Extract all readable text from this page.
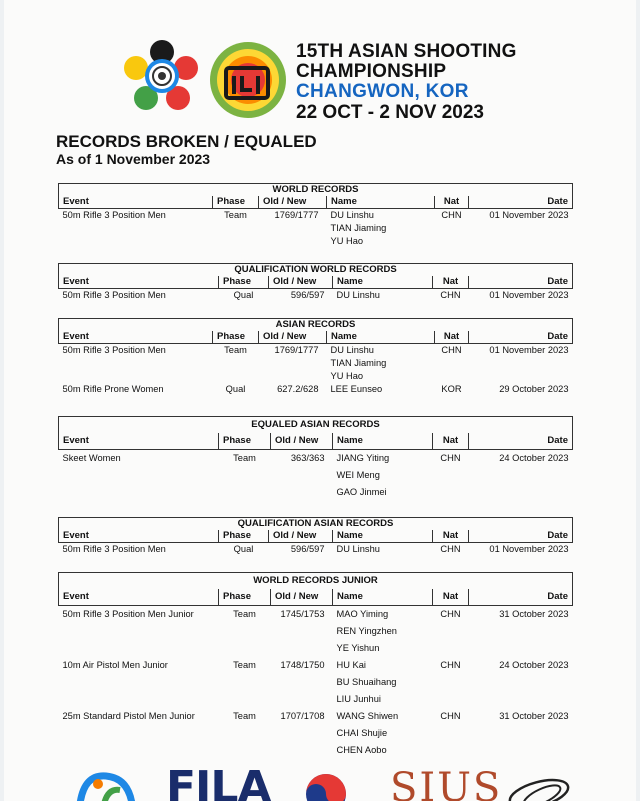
15TH ASIAN SHOOTING
CHAMPIONSHIP
CHANGWON, KOR
22 OCT - 2 NOV 2023
RECORDS BROKEN / EQUALED
As of 1 November 2023
WORLD RECORDS
Event	Phase	Old / New	Name	Nat	Date
50m Rifle 3 Position Men	Team	1769/1777	DU Linshu
TIAN Jiaming
YU Hao	CHN	01 November 2023
QUALIFICATION WORLD RECORDS
Event	Phase	Old / New	Name	Nat	Date
50m Rifle 3 Position Men	Qual	596/597	DU Linshu	CHN	01 November 2023
ASIAN RECORDS
Event	Phase	Old / New	Name	Nat	Date
50m Rifle 3 Position Men	Team	1769/1777	DU Linshu
TIAN Jiaming
YU Hao	CHN	01 November 2023
50m Rifle Prone Women	Qual	627.2/628	LEE Eunseo	KOR	29 October 2023
EQUALED ASIAN RECORDS
Event	Phase	Old / New	Name	Nat	Date
Skeet Women	Team	363/363	JIANG Yiting
WEI Meng
GAO Jinmei	CHN	24 October 2023
QUALIFICATION ASIAN RECORDS
Event	Phase	Old / New	Name	Nat	Date
50m Rifle 3 Position Men	Qual	596/597	DU Linshu	CHN	01 November 2023
WORLD RECORDS JUNIOR
Event	Phase	Old / New	Name	Nat	Date
50m Rifle 3 Position Men Junior	Team	1745/1753	MAO Yiming
REN Yingzhen
YE Yishun	CHN	31 October 2023
10m Air Pistol Men Junior	Team	1748/1750	HU Kai
BU Shuaihang
LIU Junhui	CHN	24 October 2023
25m Standard Pistol Men Junior	Team	1707/1708	WANG Shiwen
CHAI Shujie
CHEN Aobo	CHN	31 October 2023
FILA	SIUS
